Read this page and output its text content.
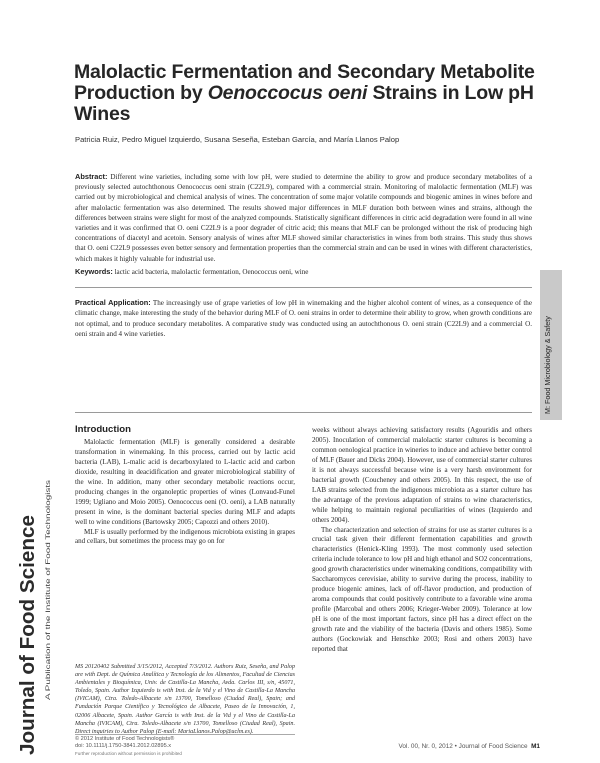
Malolactic Fermentation and Secondary Metabolite Production by Oenoccocus oeni Strains in Low pH Wines
Patricia Ruiz, Pedro Miguel Izquierdo, Susana Seseña, Esteban García, and María Llanos Palop
Abstract: Different wine varieties, including some with low pH, were studied to determine the ability to grow and produce secondary metabolites of a previously selected autochthonous Oenococcus oeni strain (C22L9), compared with a commercial strain. Monitoring of malolactic fermentation (MLF) was carried out by microbiological and chemical analysis of wines. The concentration of some major volatile compounds and biogenic amines in wines before and after malolactic fermentation was also determined. The results showed major differences in MLF duration both between wines and strains, although the differences between strains were slight for most of the analyzed compounds. Statistically significant differences in citric acid degradation were found in all wine varieties and it was confirmed that O. oeni C22L9 is a poor degrader of citric acid; this means that MLF can be prolonged without the risk of producing high concentrations of diacetyl and acetoin. Sensory analysis of wines after MLF showed similar characteristics in wines from both strains. This study thus shows that O. oeni C22L9 possesses even better sensory and fermentation properties than the commercial strain and can be used in wines with different characteristics, which makes it highly valuable for industrial use.
Keywords: lactic acid bacteria, malolactic fermentation, Oenococcus oeni, wine
Practical Application: The increasingly use of grape varieties of low pH in winemaking and the higher alcohol content of wines, as a consequence of the climatic change, make interesting the study of the behavior during MLF of O. oeni strains in order to determine their ability to grow, when growth conditions are not optimal, and to produce secondary metabolites. A comparative study was conducted using an autochthonous O. oeni strain (C22L9) and a commercial O. oeni strain and 4 wine varieties.	M: Food Microbiology & Safety
Journal of Food Science A Publication of the Institute of Food Technologists
Introduction

Malolactic fermentation (MLF) is generally considered a desirable transformation in winemaking. In this process, carried out by lactic acid bacteria (LAB), L-malic acid is decarboxylated to L-lactic acid and carbon dioxide, resulting in deacidification and greater microbiological stability of the wine. In addition, many other secondary metabolic reactions occur, producing changes in the organoleptic properties of wines (Lonvaud-Funel 1999; Ugliano and Moio 2005). Oenococcus oeni (O. oeni), a LAB naturally present in wine, is the dominant bacterial species during MLF and adapts well to wine conditions (Bartowsky 2005; Capozzi and others 2010).

MLF is usually performed by the indigenous microbiota existing in grapes and cellars, but sometimes the process may go on for

MS 20120402 Submitted 3/15/2012, Accepted 7/3/2012. Authors Ruiz, Seseña, and Palop are with Dept. de Química Analítica y Tecnología de los Alimentos, Facultad de Ciencias Ambientales y Bioquímica, Univ. de Castilla-La Mancha, Avda. Carlos III, s/n, 45071, Toledo, Spain. Author Izquierdo is with Inst. de la Vid y el Vino de Castilla-La Mancha (IVICAM), Ctra. Toledo-Albacete s/n 13700, Tomelloso (Ciudad Real), Spain; and Fundación Parque Científico y Tecnológico de Albacete, Paseo de la Innovación, 1, 02006 Albacete, Spain. Author García is with Inst. de la Vid y el Vino de Castilla-La Mancha (IVICAM), Ctra. Toledo-Albacete s/n 13700, Tomelloso (Ciudad Real), Spain. Direct inquiries to Author Palop (E-mail: MariaLlanos.Palop@uclm.es).
© 2012 Institute of Food Technologists®
doi: 10.1111/j.1750-3841.2012.02895.x
Further reproduction without permission is prohibited

weeks without always achieving satisfactory results (Agouridis and others 2005). Inoculation of commercial malolactic starter cultures is becoming a common oenological practice in wineries to induce and achieve better control of MLF (Bauer and Dicks 2004). However, use of commercial starter cultures it is not always successful because wine is a very harsh environment for bacterial growth (Coucheney and others 2005). In this respect, the use of LAB strains selected from the indigenous microbiota as a starter culture has the advantage of the previous adaptation of strains to wine characteristics, while helping to maintain regional peculiarities of wines (Izquierdo and others 2004).

The characterization and selection of strains for use as starter cultures is a crucial task given their different fermentation capabilities and growth characteristics (Henick-Kling 1993). The most commonly used selection criteria include tolerance to low pH and high ethanol and SO2 concentrations, good growth characteristics under winemaking conditions, compatibility with Saccharomyces cerevisiae, ability to survive during the process, inability to produce biogenic amines, lack of off-flavor production, and production of aroma compounds that could positively contribute to a favorable wine aroma profile (Marcobal and others 2006; Krieger-Weber 2009). Tolerance at low pH is one of the most important factors, since pH has a direct effect on the growth rate and the viability of the bacteria (Davis and others 1985). Some authors (Gockowiak and Henschke 2003; Rosi and others 2003) have reported that

Vol. 00, Nr. 0, 2012 • Journal of Food Science M1
